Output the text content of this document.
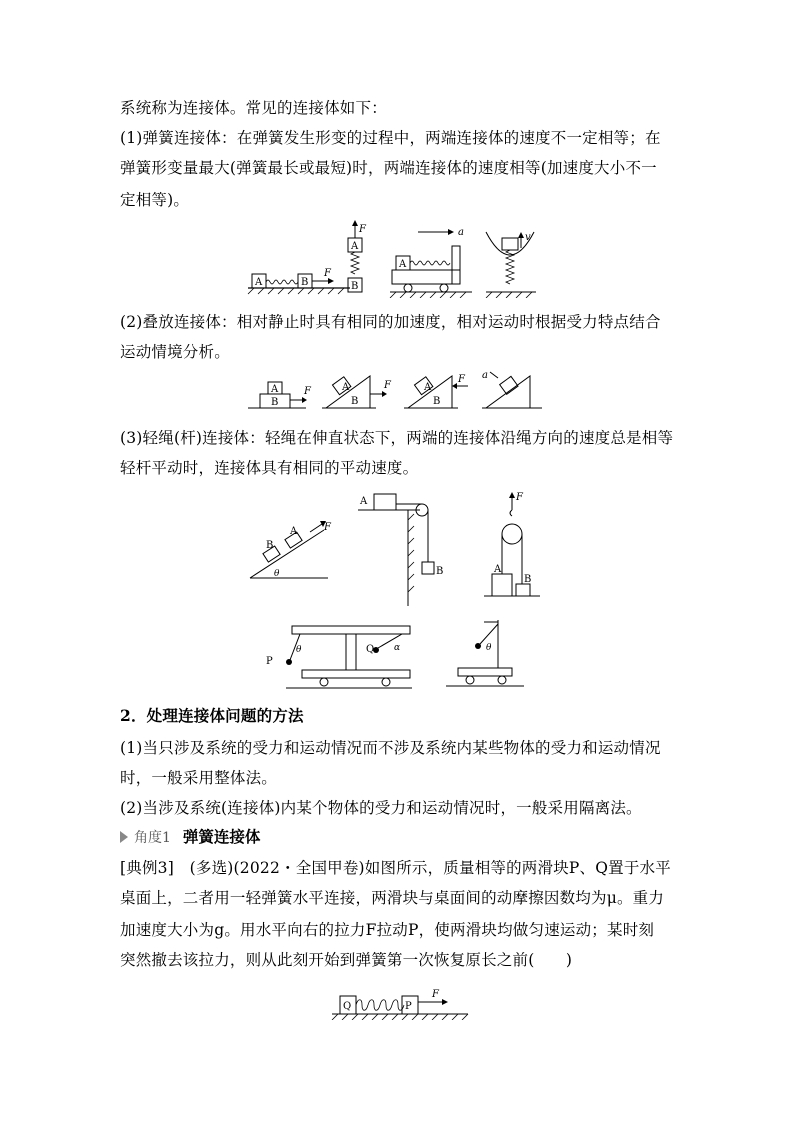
系统称为连接体。常见的连接体如下：
(1)弹簧连接体：在弹簧发生形变的过程中，两端连接体的速度不一定相等；在
弹簧形变量最大(弹簧最长或最短)时，两端连接体的速度相等(加速度大小不一
定相等)。
A	B
F
F
A
B
A
a	v
(2)叠放连接体：相对静止时具有相同的加速度，相对运动时根据受力特点结合
运动情境分析。
B
A	F
B
A	F
B
A
F a
(3)轻绳(杆)连接体：轻绳在伸直状态下，两端的连接体沿绳方向的速度总是相等
轻杆平动时，连接体具有相同的平动速度。
B
A	F
θ
A
B
F
A
B
P
θ	Q α	θ
2．处理连接体问题的方法
(1)当只涉及系统的受力和运动情况而不涉及系统内某些物体的受力和运动情况
时，一般采用整体法。
(2)当涉及系统(连接体)内某个物体的受力和运动情况时，一般采用隔离法。
角度1 弹簧连接体
[典例3]　(多选)(2022・全国甲卷)如图所示，质量相等的两滑块P、Q置于水平
桌面上，二者用一轻弹簧水平连接，两滑块与桌面间的动摩擦因数均为μ。重力
加速度大小为g。用水平向右的拉力F拉动P，使两滑块均做匀速运动；某时刻
突然撤去该拉力，则从此刻开始到弹簧第一次恢复原长之前(　　)
Q	P
F
